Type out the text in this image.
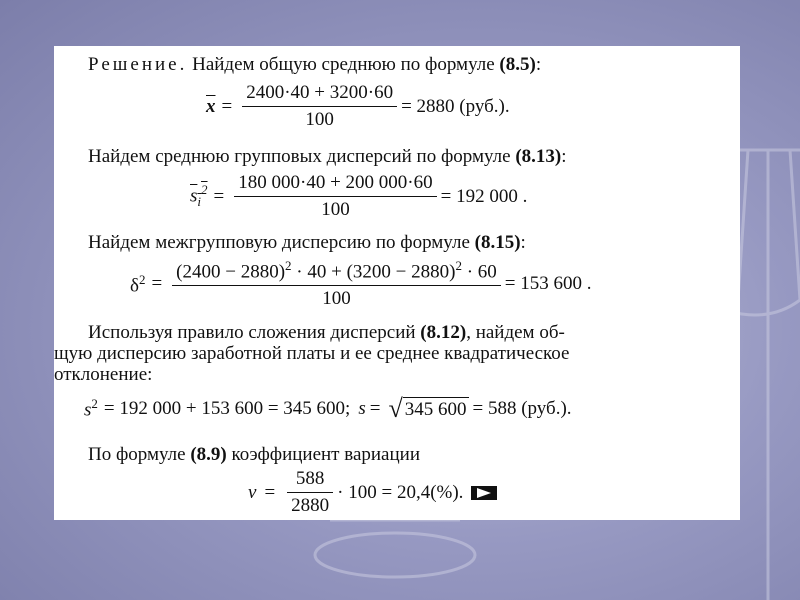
Решение. Найдем общую среднюю по формуле (8.5):
$\overline{x} = \frac{2400\cdot 40 + 3200\cdot 60}{100} = 2880$ (руб.).
Найдем среднюю групповых дисперсий по формуле (8.13):
$s_i^2 = \frac{180 000\cdot 40 + 200 000\cdot 60}{100} = 192$ 000 .
Найдем межгрупповую дисперсию по формуле (8.15):
$\delta^2 = \frac{(2400 - 2880)^2 \cdot 40 + (3200 - 2880)^2 \cdot 60}{100} = 153$ 600 .
Используя правило сложения дисперсий (8.12), найдем об-
щую дисперсию заработной платы и ее среднее квадратическое
отклонение:
$s^2 = 192$ 000 + 153 600 = 345 600; s = √ 345 600 = 588 (руб.).
По формуле (8.9) коэффициент вариации
$v = \frac{588}{2880} \cdot 100 = 20,4(\%)$.
